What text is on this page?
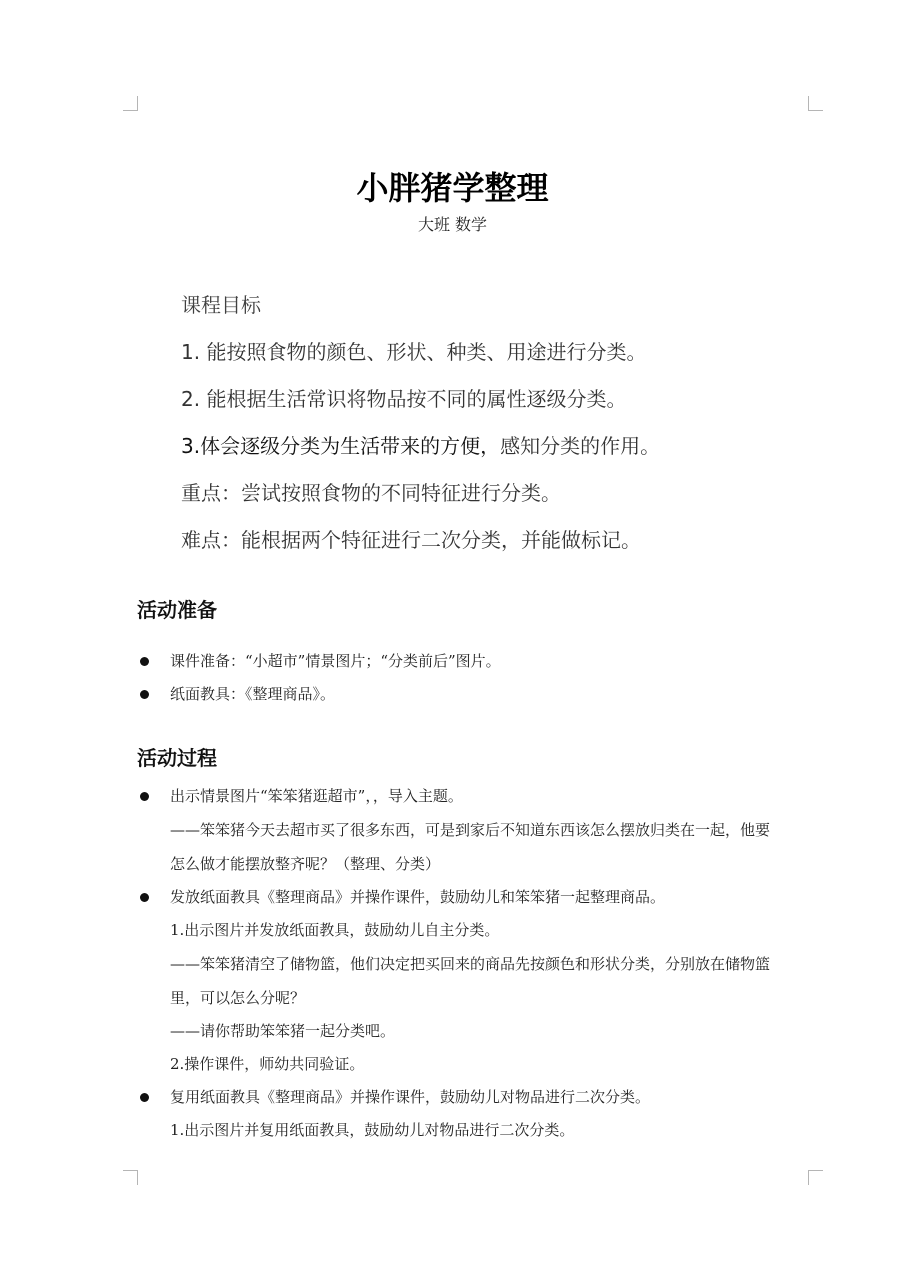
小胖猪学整理
大班 数学
课程目标
1. 能按照食物的颜色、形状、种类、用途进行分类。
2. 能根据生活常识将物品按不同的属性逐级分类。
3.体会逐级分类为生活带来的方便，感知分类的作用。
重点：尝试按照食物的不同特征进行分类。
难点：能根据两个特征进行二次分类，并能做标记。
活动准备
课件准备：“小超市”情景图片；“分类前后”图片。
纸面教具：《整理商品》。
活动过程
出示情景图片“笨笨猪逛超市”，，导入主题。
——笨笨猪今天去超市买了很多东西，可是到家后不知道东西该怎么摆放归类在一起，他要
怎么做才能摆放整齐呢？（整理、分类）
发放纸面教具《整理商品》并操作课件，鼓励幼儿和笨笨猪一起整理商品。
1.出示图片并发放纸面教具，鼓励幼儿自主分类。
——笨笨猪清空了储物篮，他们决定把买回来的商品先按颜色和形状分类，分别放在储物篮
里，可以怎么分呢？
——请你帮助笨笨猪一起分类吧。
2.操作课件，师幼共同验证。
复用纸面教具《整理商品》并操作课件，鼓励幼儿对物品进行二次分类。
1.出示图片并复用纸面教具，鼓励幼儿对物品进行二次分类。
